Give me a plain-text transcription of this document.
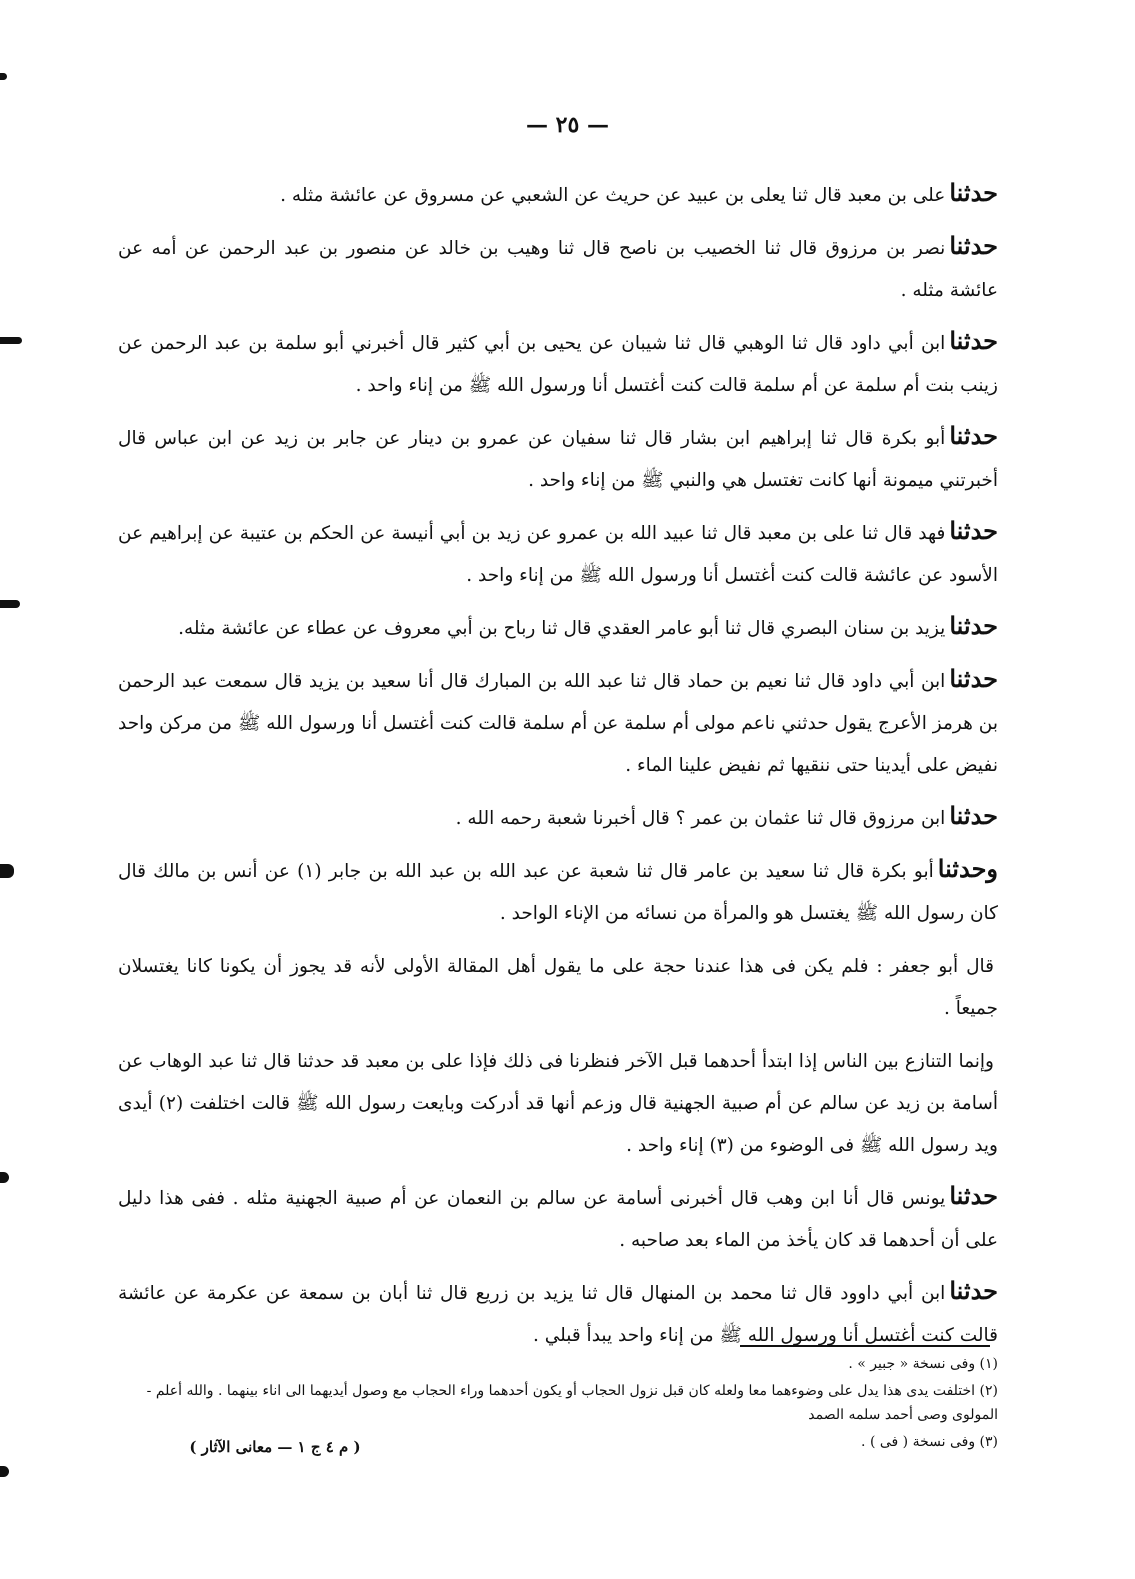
— ٢٥ —

حدثناعلى بن معبد قال ثنا يعلى بن عبيد عن حريث عن الشعبي عن مسروق عن عائشة مثله .

حدثنانصر بن مرزوق قال ثنا الخصيب بن ناصح قال ثنا وهيب بن خالد عن منصور بن عبد الرحمن عن أمه عن عائشة مثله .

حدثناابن أبي داود قال ثنا الوهبي قال ثنا شيبان عن يحيى بن أبي كثير قال أخبرني أبو سلمة بن عبد الرحمن عن زينب بنت أم سلمة عن أم سلمة قالت كنت أغتسل أنا ورسول الله ﷺ من إناء واحد .

حدثناأبو بكرة قال ثنا إبراهيم ابن بشار قال ثنا سفيان عن عمرو بن دينار عن جابر بن زيد عن ابن عباس قال أخبرتني ميمونة أنها كانت تغتسل هي والنبي ﷺ من إناء واحد .

حدثنافهد قال ثنا على بن معبد قال ثنا عبيد الله بن عمرو عن زيد بن أبي أنيسة عن الحكم بن عتيبة عن إبراهيم عن الأسود عن عائشة قالت كنت أغتسل أنا ورسول الله ﷺ من إناء واحد .

حدثنايزيد بن سنان البصري قال ثنا أبو عامر العقدي قال ثنا رباح بن أبي معروف عن عطاء عن عائشة مثله.

حدثناابن أبي داود قال ثنا نعيم بن حماد قال ثنا عبد الله بن المبارك قال أنا سعيد بن يزيد قال سمعت عبد الرحمن بن هرمز الأعرج يقول حدثني ناعم مولى أم سلمة عن أم سلمة قالت كنت أغتسل أنا ورسول الله ﷺ من مركن واحد نفيض على أيدينا حتى ننقيها ثم نفيض علينا الماء .

حدثناابن مرزوق قال ثنا عثمان بن عمر ؟ قال أخبرنا شعبة رحمه الله .

وحدثناأبو بكرة قال ثنا سعيد بن عامر قال ثنا شعبة عن عبد الله بن عبد الله بن جابر (١) عن أنس بن مالك قال كان رسول الله ﷺ يغتسل هو والمرأة من نسائه من الإناء الواحد .

قال أبو جعفر : فلم يكن فى هذا عندنا حجة على ما يقول أهل المقالة الأولى لأنه قد يجوز أن يكونا كانا يغتسلان جميعاً .

وإنما التنازع بين الناس إذا ابتدأ أحدهما قبل الآخر فنظرنا فى ذلك فإذا على بن معبد قد حدثنا قال ثنا عبد الوهاب عن أسامة بن زيد عن سالم عن أم صبية الجهنية قال وزعم أنها قد أدركت وبايعت رسول الله ﷺ قالت اختلفت (٢) أيدى ويد رسول الله ﷺ فى الوضوء من (٣) إناء واحد .

حدثنايونس قال أنا ابن وهب قال أخبرنى أسامة عن سالم بن النعمان عن أم صبية الجهنية مثله . ففى هذا دليل على أن أحدهما قد كان يأخذ من الماء بعد صاحبه .

حدثناابن أبي داوود قال ثنا محمد بن المنهال قال ثنا يزيد بن زريع قال ثنا أبان بن سمعة عن عكرمة عن عائشة قالت كنت أغتسل أنا ورسول الله ﷺ من إناء واحد يبدأ قبلي .

(١) وفى نسخة « جبير » .

(٢) اختلفت يدى هذا يدل على وضوءهما معا ولعله كان قبل نزول الحجاب أو يكون أحدهما وراء الحجاب مع وصول أيديهما الى اناء بينهما . والله أعلم - المولوى وصى أحمد سلمه الصمد

(٣) وفى نسخة ( فى ) .

( م ٤ ج ١ — معانى الآثار )
